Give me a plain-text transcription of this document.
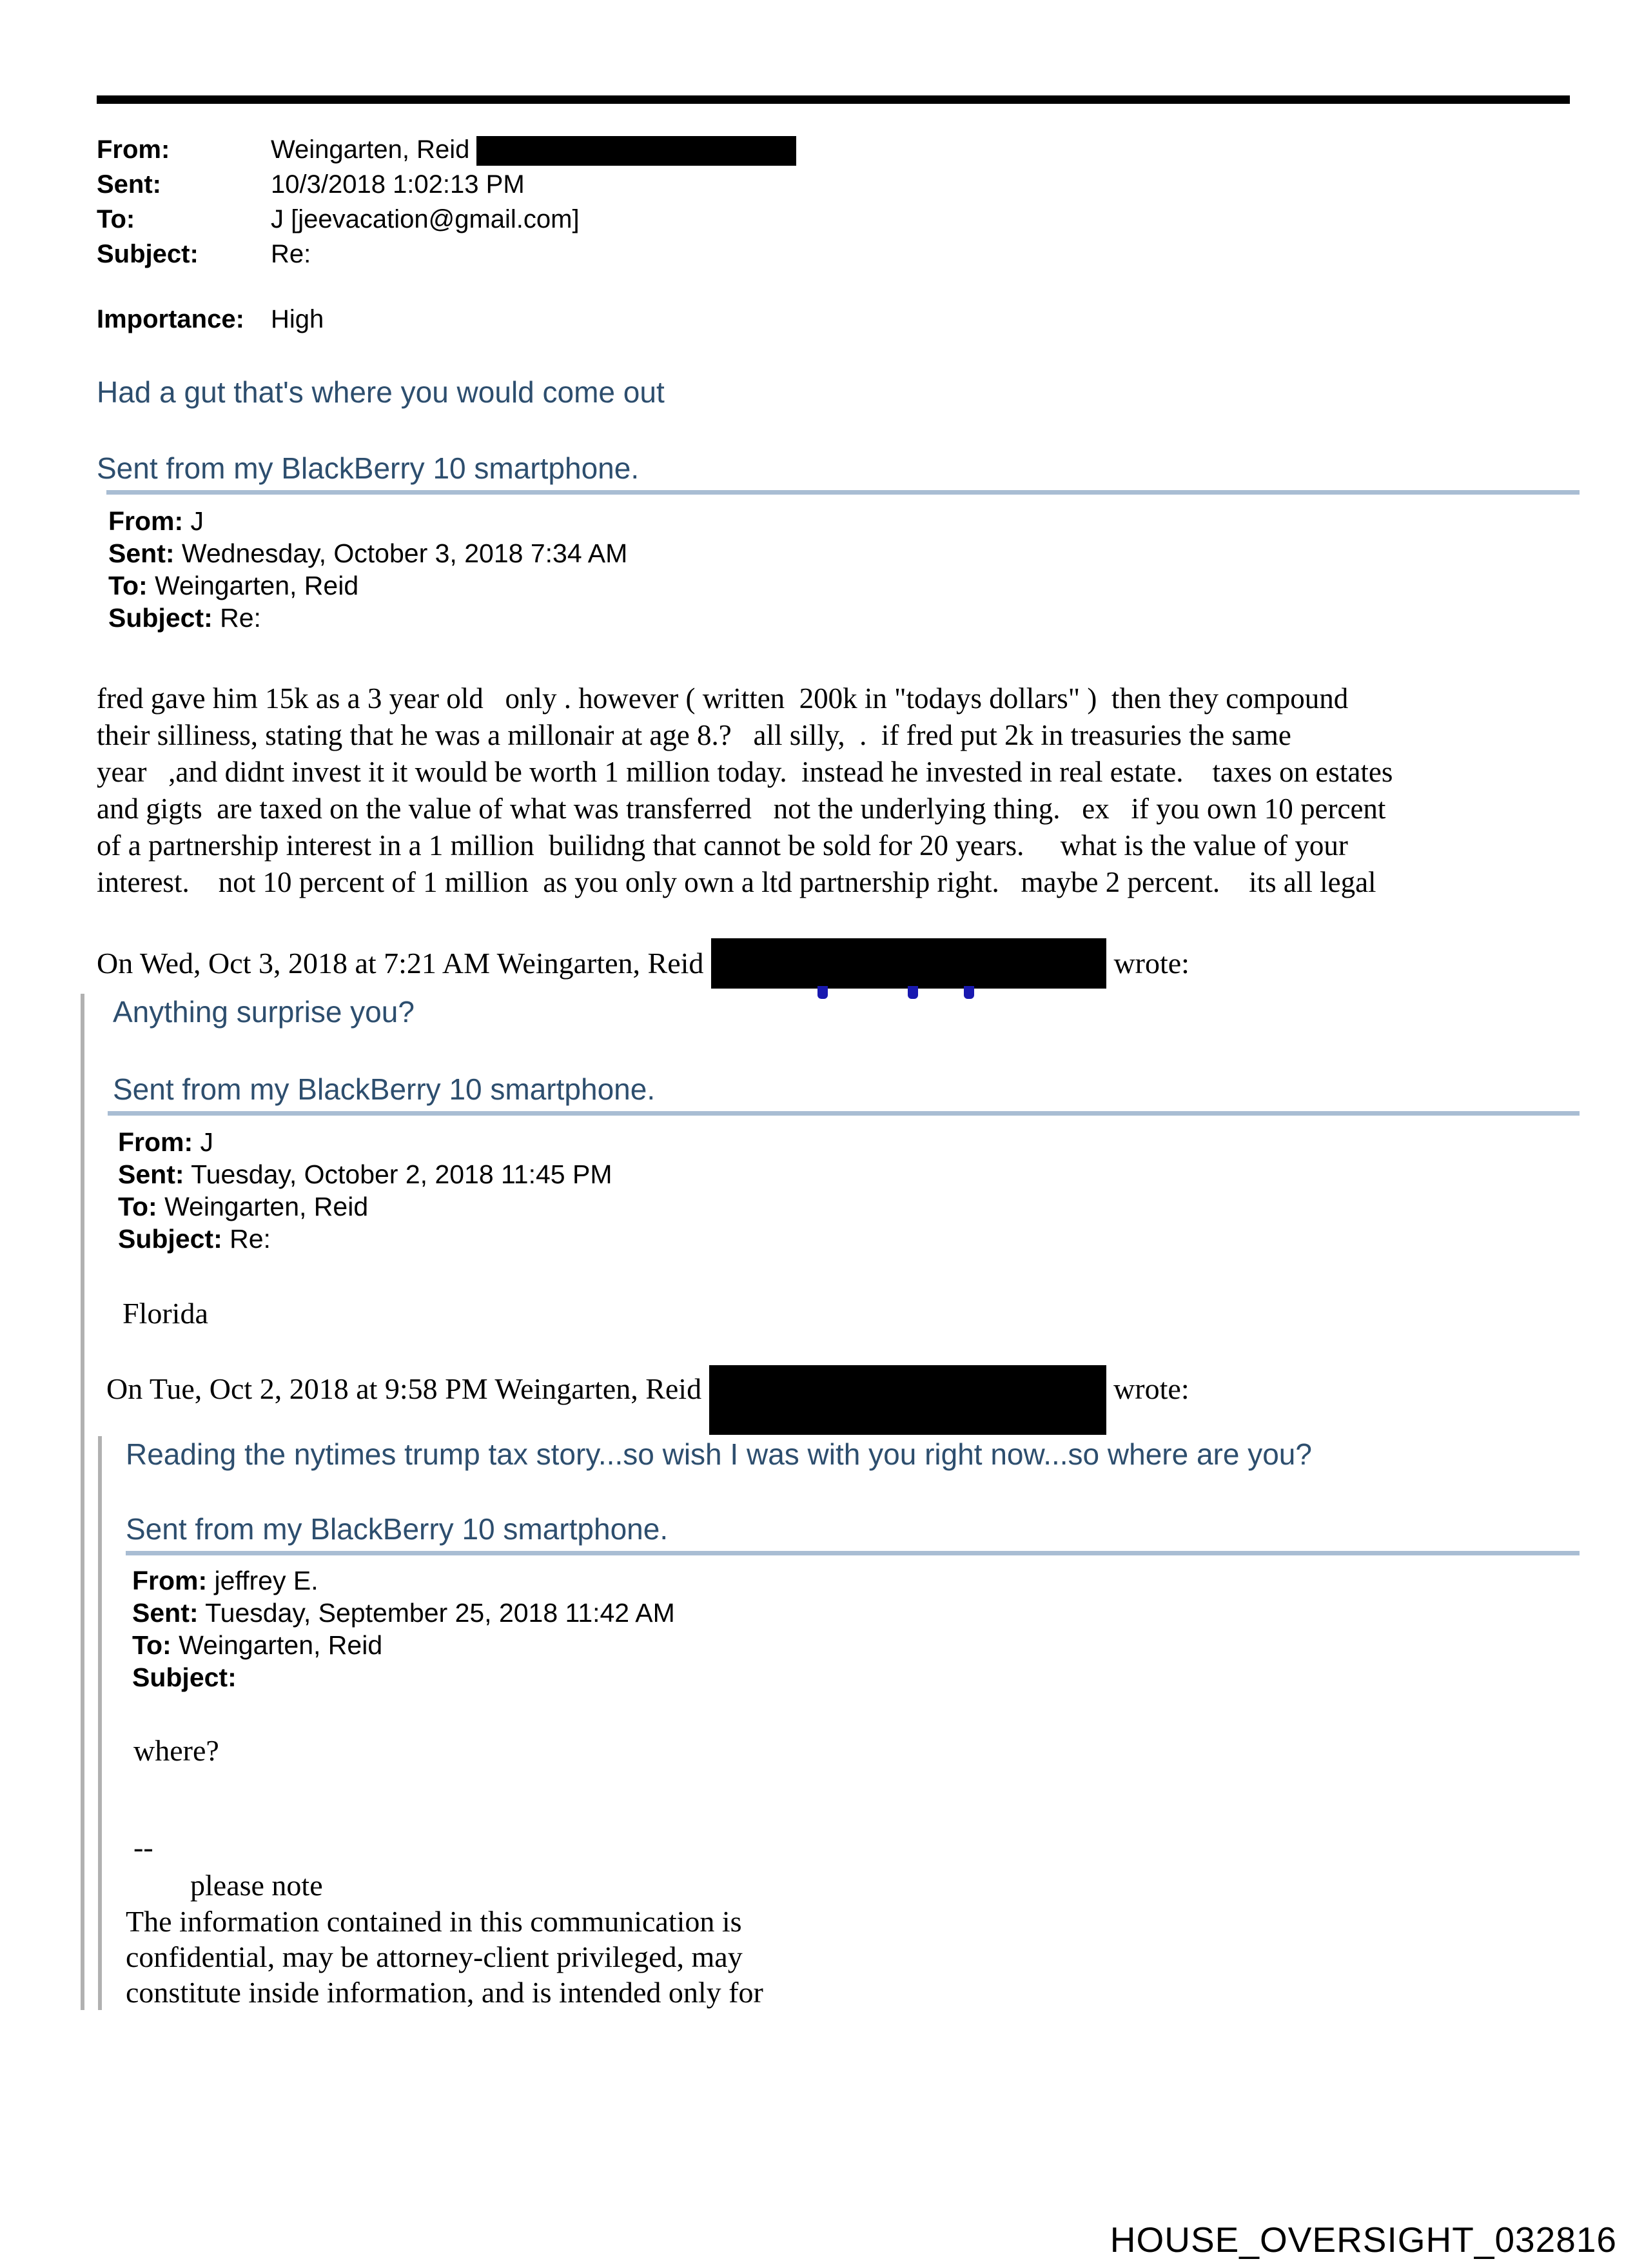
From:	Weingarten, Reid
Sent:	10/3/2018 1:02:13 PM
To:	J [jeevacation@gmail.com]
Subject:	Re:
Importance:	High
Had a gut that's where you would come out
Sent from my BlackBerry 10 smartphone.
From: J
Sent: Wednesday, October 3, 2018 7:34 AM
To: Weingarten, Reid
Subject: Re:
fred gave him 15k as a 3 year old   only . however ( written  200k in "todays dollars" )  then they compound
their silliness, stating that he was a millonair at age 8.?   all silly,  .  if fred put 2k in treasuries the same
year   ,and didnt invest it it would be worth 1 million today.  instead he invested in real estate.    taxes on estates
and gigts  are taxed on the value of what was transferred   not the underlying thing.   ex   if you own 10 percent
of a partnership interest in a 1 million  builidng that cannot be sold for 20 years.     what is the value of your
interest.    not 10 percent of 1 million  as you only own a ltd partnership right.   maybe 2 percent.    its all legal
On Wed, Oct 3, 2018 at 7:21 AM Weingarten, Reid	wrote:
Anything surprise you?
Sent from my BlackBerry 10 smartphone.
From: J
Sent: Tuesday, October 2, 2018 11:45 PM
To: Weingarten, Reid
Subject: Re:
Florida
On Tue, Oct 2, 2018 at 9:58 PM Weingarten, Reid	wrote:
Reading the nytimes trump tax story...so wish I was with you right now...so where are you?
Sent from my BlackBerry 10 smartphone.
From: jeffrey E.
Sent: Tuesday, September 25, 2018 11:42 AM
To: Weingarten, Reid
Subject:
where?
--
please note
The information contained in this communication is
confidential, may be attorney-client privileged, may
constitute inside information, and is intended only for
HOUSE_OVERSIGHT_032816
